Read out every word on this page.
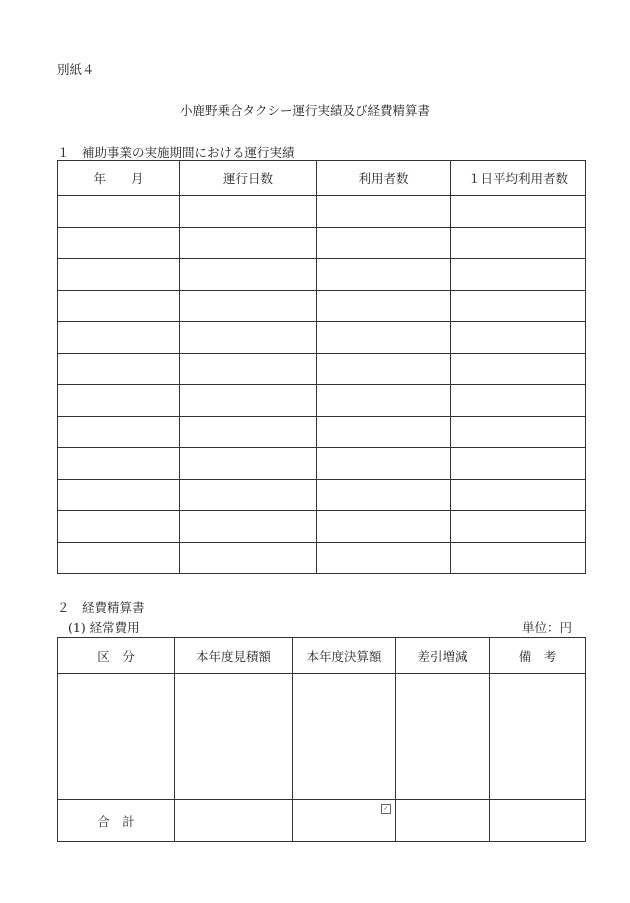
別紙４
小鹿野乗合タクシー運行実績及び経費精算書
１　補助事業の実施期間における運行実績
年　　月	運行日数	利用者数	１日平均利用者数

２　経費精算書
(1) 経常費用	単位：円
区　分	本年度見積額	本年度決算額	差引増減	備　考

合　計		✓		
